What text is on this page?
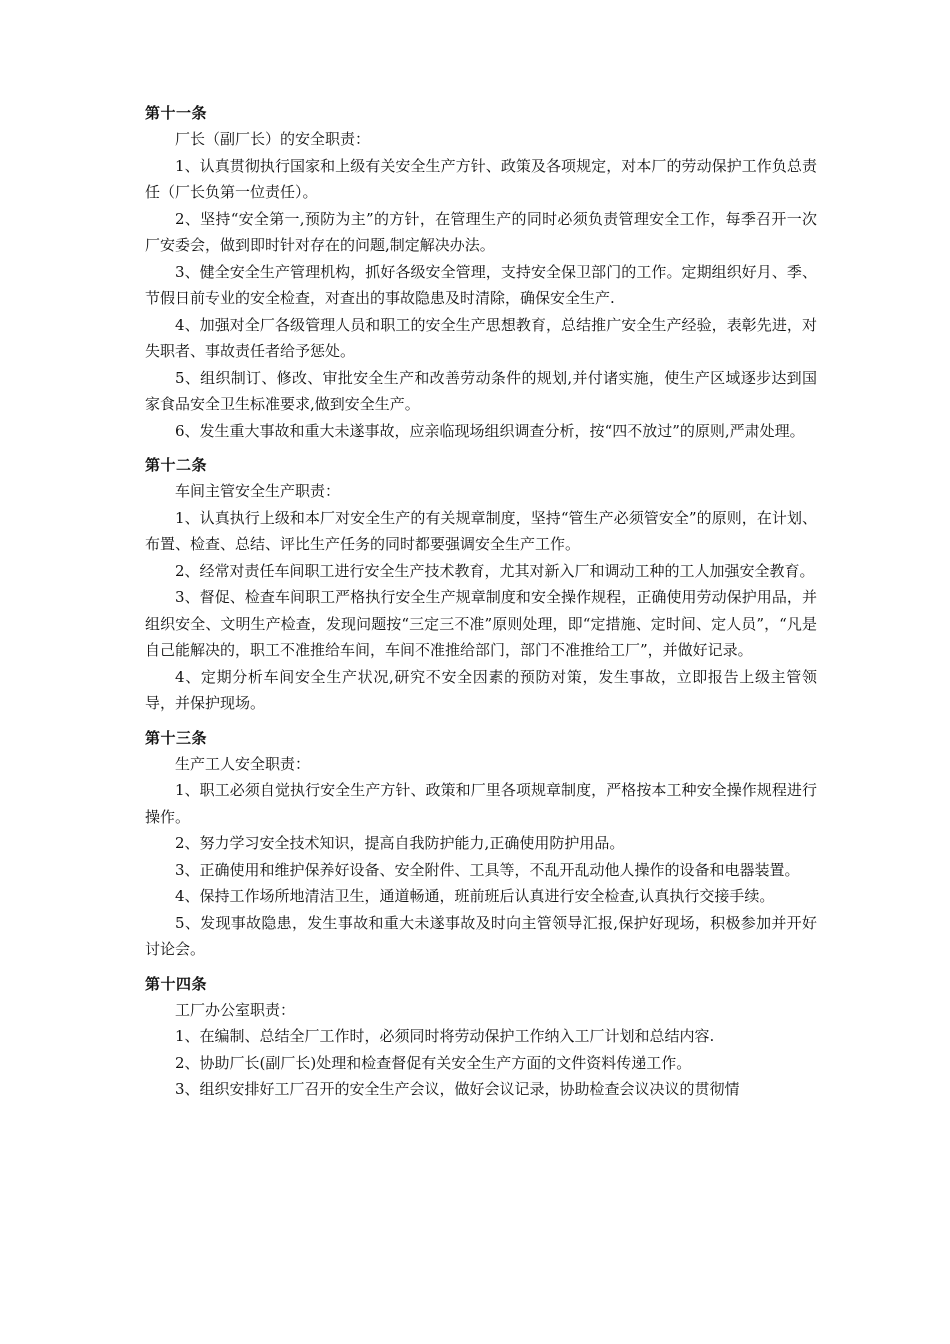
第十一条

厂长（副厂长）的安全职责：

1、认真贯彻执行国家和上级有关安全生产方针、政策及各项规定，对本厂的劳动保护工作负总责任（厂长负第一位责任）。

2、坚持“安全第一,预防为主”的方针，在管理生产的同时必须负责管理安全工作，每季召开一次厂安委会，做到即时针对存在的问题,制定解决办法。

3、健全安全生产管理机构，抓好各级安全管理，支持安全保卫部门的工作。定期组织好月、季、节假日前专业的安全检查，对查出的事故隐患及时清除，确保安全生产.

4、加强对全厂各级管理人员和职工的安全生产思想教育，总结推广安全生产经验，表彰先进，对失职者、事故责任者给予惩处。

5、组织制订、修改、审批安全生产和改善劳动条件的规划,并付诸实施，使生产区域逐步达到国家食品安全卫生标准要求,做到安全生产。

6、发生重大事故和重大未遂事故，应亲临现场组织调查分析，按“四不放过”的原则,严肃处理。

第十二条

车间主管安全生产职责：

1、认真执行上级和本厂对安全生产的有关规章制度，坚持“管生产必须管安全”的原则，在计划、布置、检查、总结、评比生产任务的同时都要强调安全生产工作。

2、经常对责任车间职工进行安全生产技术教育，尤其对新入厂和调动工种的工人加强安全教育。

3、督促、检查车间职工严格执行安全生产规章制度和安全操作规程，正确使用劳动保护用品，并组织安全、文明生产检查，发现问题按“三定三不准”原则处理，即“定措施、定时间、定人员”，“凡是自己能解决的，职工不准推给车间，车间不准推给部门，部门不准推给工厂”，并做好记录。

4、定期分析车间安全生产状况,研究不安全因素的预防对策，发生事故，立即报告上级主管领导，并保护现场。

第十三条

生产工人安全职责：

1、职工必须自觉执行安全生产方针、政策和厂里各项规章制度，严格按本工种安全操作规程进行操作。

2、努力学习安全技术知识，提高自我防护能力,正确使用防护用品。

3、正确使用和维护保养好设备、安全附件、工具等，不乱开乱动他人操作的设备和电器装置。

4、保持工作场所地清洁卫生，通道畅通，班前班后认真进行安全检查,认真执行交接手续。

5、发现事故隐患，发生事故和重大未遂事故及时向主管领导汇报,保护好现场，积极参加并开好讨论会。

第十四条

工厂办公室职责：

1、在编制、总结全厂工作时，必须同时将劳动保护工作纳入工厂计划和总结内容.

2、协助厂长(副厂长)处理和检查督促有关安全生产方面的文件资料传递工作。

3、组织安排好工厂召开的安全生产会议，做好会议记录，协助检查会议决议的贯彻情
